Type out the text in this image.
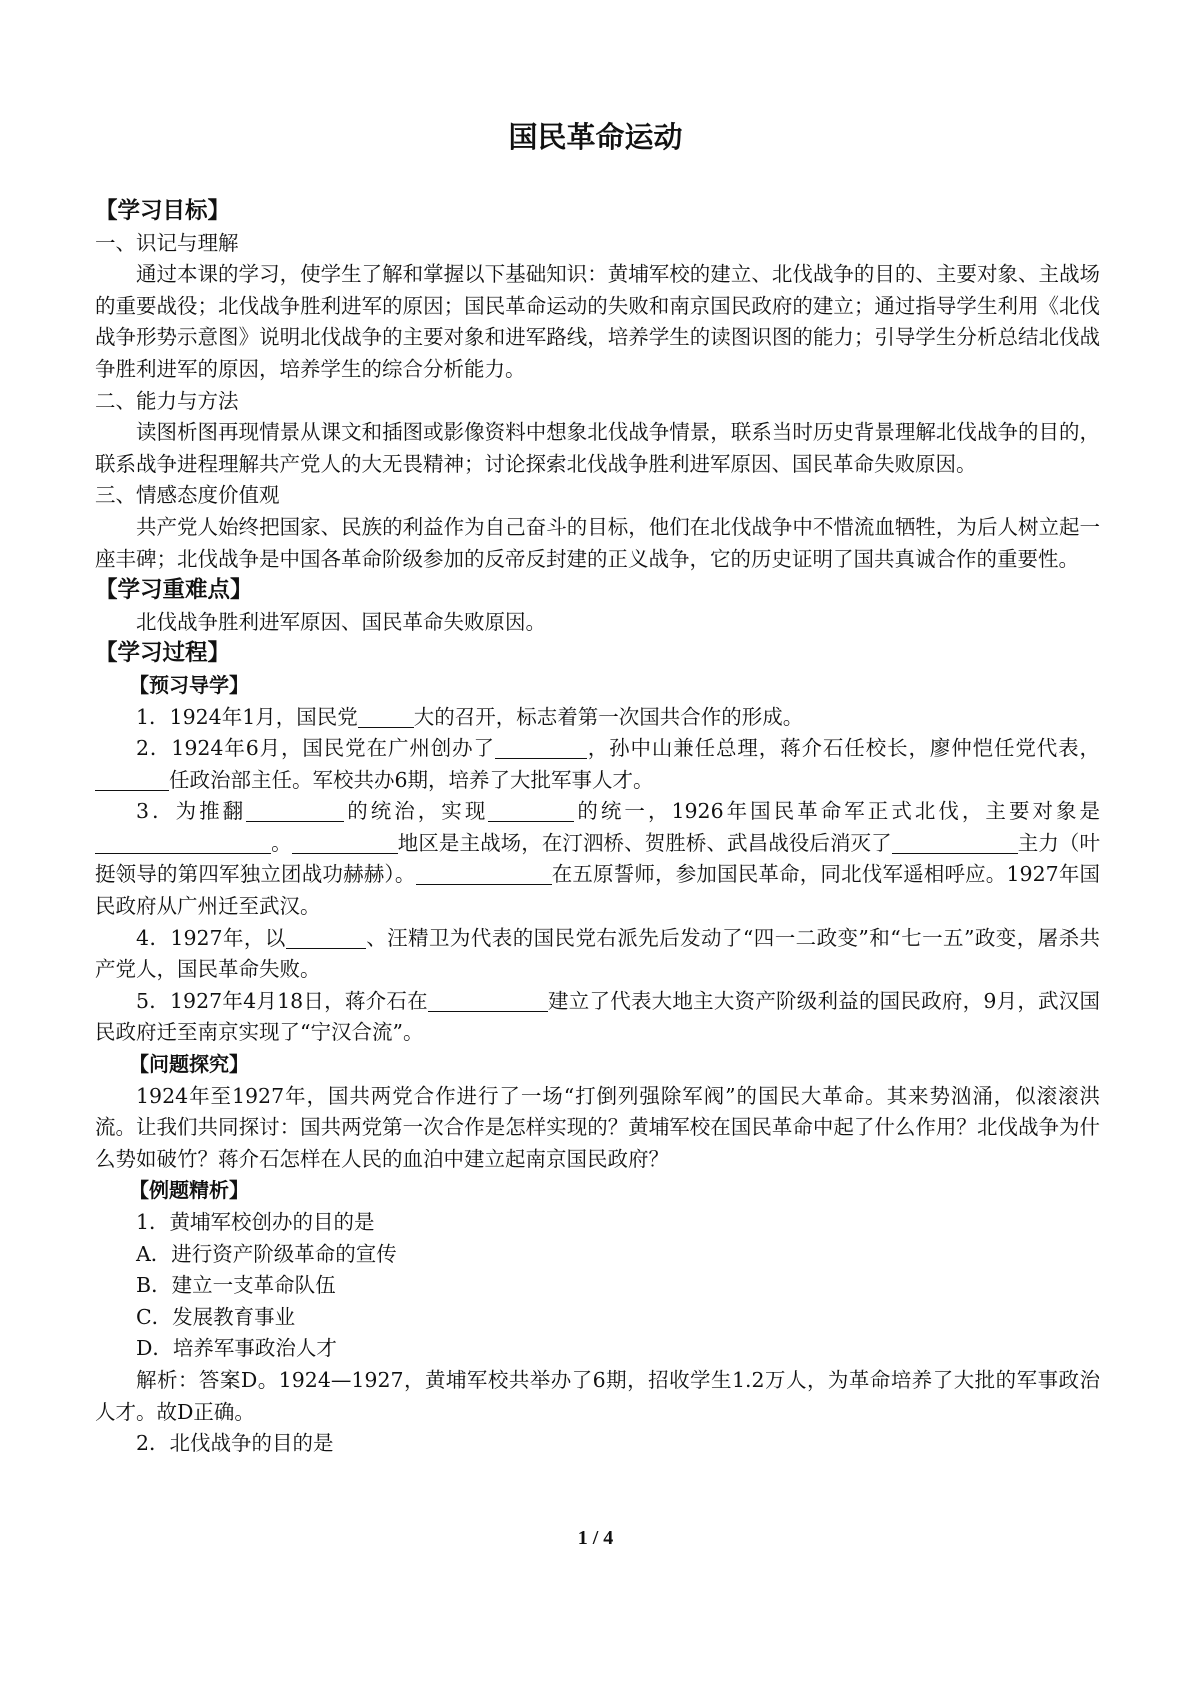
国民革命运动

【学习目标】

一、识记与理解

通过本课的学习，使学生了解和掌握以下基础知识：黄埔军校的建立、北伐战争的目的、主要对象、主战场的重要战役；北伐战争胜利进军的原因；国民革命运动的失败和南京国民政府的建立；通过指导学生利用《北伐战争形势示意图》说明北伐战争的主要对象和进军路线，培养学生的读图识图的能力；引导学生分析总结北伐战争胜利进军的原因，培养学生的综合分析能力。

二、能力与方法

读图析图再现情景从课文和插图或影像资料中想象北伐战争情景，联系当时历史背景理解北伐战争的目的，联系战争进程理解共产党人的大无畏精神；讨论探索北伐战争胜利进军原因、国民革命失败原因。

三、情感态度价值观

共产党人始终把国家、民族的利益作为自己奋斗的目标，他们在北伐战争中不惜流血牺牲，为后人树立起一座丰碑；北伐战争是中国各革命阶级参加的反帝反封建的正义战争，它的历史证明了国共真诚合作的重要性。

【学习重难点】

北伐战争胜利进军原因、国民革命失败原因。

【学习过程】

【预习导学】

1．1924年1月，国民党	大的召开，标志着第一次国共合作的形成。

2．1924年6月，国民党在广州创办了	，孙中山兼任总理，蒋介石任校长，廖仲恺任党代表，任政治部主任。军校共办6期，培养了大批军事人才。

3．为推翻	的统治，实现	的统一，1926年国民革命军正式北伐，主要对象是。	地区是主战场，在汀泗桥、贺胜桥、武昌战役后消灭了	主力（叶挺领导的第四军独立团战功赫赫）。	在五原誓师，参加国民革命，同北伐军遥相呼应。1927年国民政府从广州迁至武汉。

4．1927年，以	、汪精卫为代表的国民党右派先后发动了“四一二政变”和“七一五”政变，屠杀共产党人，国民革命失败。

5．1927年4月18日，蒋介石在	建立了代表大地主大资产阶级利益的国民政府，9月，武汉国民政府迁至南京实现了“宁汉合流”。

【问题探究】

1924年至1927年，国共两党合作进行了一场“打倒列强除军阀”的国民大革命。其来势汹涌，似滚滚洪流。让我们共同探讨：国共两党第一次合作是怎样实现的？黄埔军校在国民革命中起了什么作用？北伐战争为什么势如破竹？蒋介石怎样在人民的血泊中建立起南京国民政府？

【例题精析】

1．黄埔军校创办的目的是

A．进行资产阶级革命的宣传

B．建立一支革命队伍

C．发展教育事业

D．培养军事政治人才

解析：答案D。1924—1927，黄埔军校共举办了6期，招收学生1.2万人，为革命培养了大批的军事政治人才。故D正确。

2．北伐战争的目的是

1 / 4
